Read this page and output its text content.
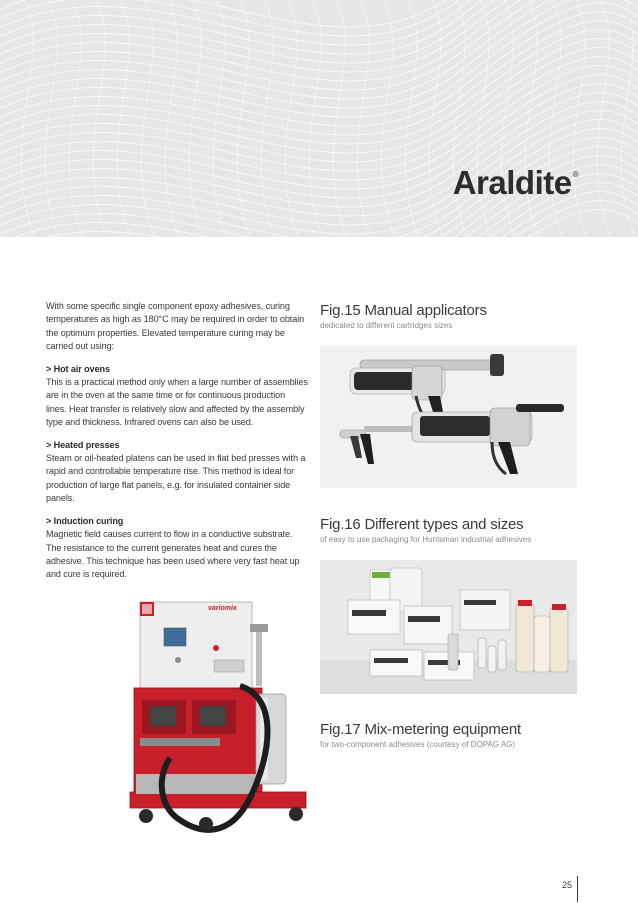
Araldite®

With some specific single component epoxy adhesives, curing temperatures as high as 180°C may be required in order to obtain the optimum properties. Elevated temperature curing may be carried out using:

> Hot air ovens
This is a practical method only when a large number of assemblies are in the oven at the same time or for continuous production lines. Heat transfer is relatively slow and affected by the assembly type and thickness. Infrared ovens can also be used.
> Heated presses
Steam or oil-heated platens can be used in flat bed presses with a rapid and controllable temperature rise. This method is ideal for production of large flat panels, e.g. for insulated container side panels.
> Induction curing
Magnetic field causes current to flow in a conductive substrate. The resistance to the current generates heat and cures the adhesive. This technique has been used where very fast heat up and cure is required.
Fig.15 Manual applicators
dedicated to different cartridges sizes
Fig.16 Different types and sizes
of easy to use packaging for Huntsman industrial adhesives
Fig.17 Mix-metering equipment
for two-component adhesives (courtesy of DOPAG AG)
variomix
25
